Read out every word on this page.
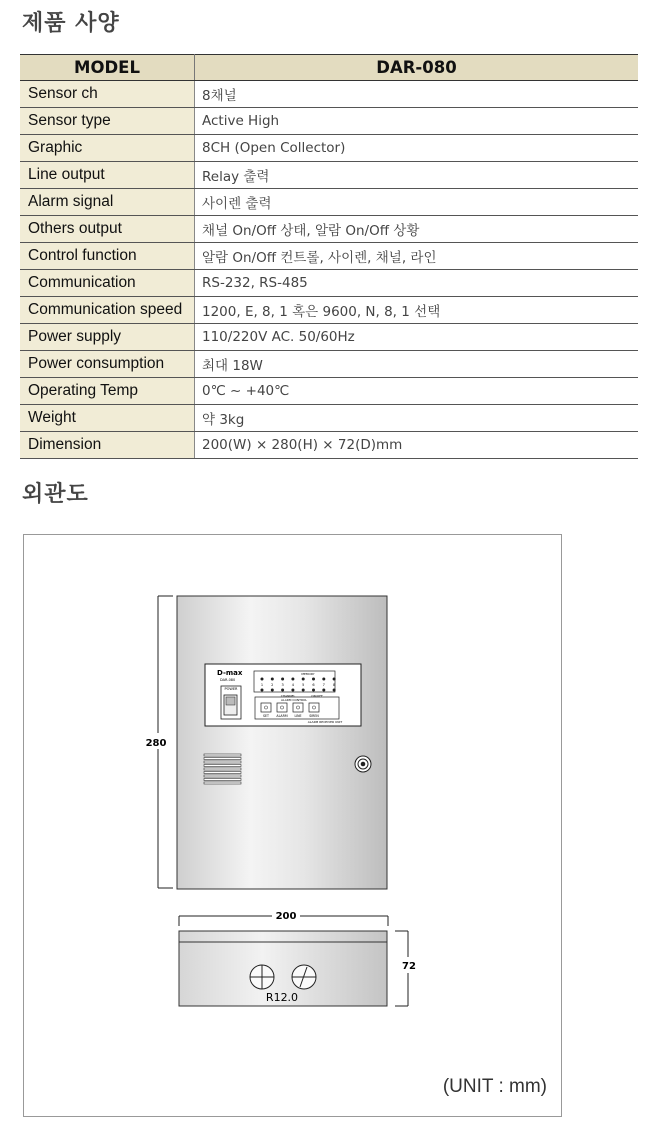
제품 사양
MODEL	DAR-080
Sensor ch	8채널
Sensor type	Active High
Graphic	8CH (Open Collector)
Line output	Relay 출력
Alarm signal	사이렌 출력
Others output	채널 On/Off 상태, 알람 On/Off 상황
Control function	알람 On/Off 컨트롤, 사이렌, 채널, 라인
Communication	RS-232, RS-485
Communication speed	1200, E, 8, 1 혹은 9600, N, 8, 1 선택
Power supply	110/220V AC. 50/60Hz
Power consumption	최대 18W
Operating Temp	0℃ ~ +40℃
Weight	약 3kg
Dimension	200(W) × 280(H) × 72(D)mm
외관도
280
D-max
DAR-080
POWER
MEMORY
1 2 3 4 5 6 7 8
CHANNEL	ON/OFF
ALARM CONTROL
SET ALARM LINE SIREN
ALARM RECEIVER UNIT
200
R12.0
72
(UNIT : mm)
